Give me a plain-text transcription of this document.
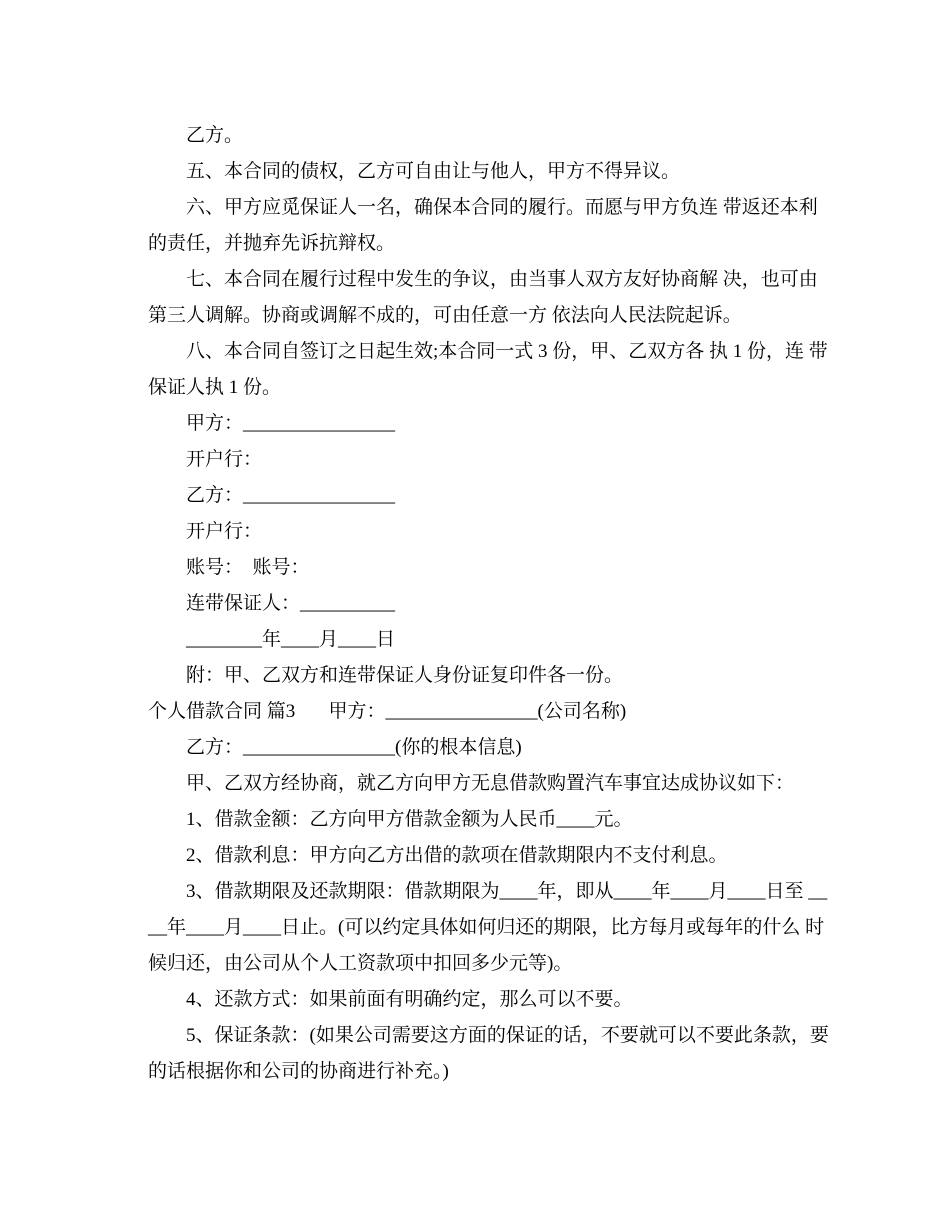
乙方。

五、本合同的债权，乙方可自由让与他人，甲方不得异议。

六、甲方应觅保证人一名，确保本合同的履行。而愿与甲方负连 带返还本利 的责任，并抛弃先诉抗辩权。

七、本合同在履行过程中发生的争议，由当事人双方友好协商解 决，也可由 第三人调解。协商或调解不成的，可由任意一方 依法向人民法院起诉。

八、本合同自签订之日起生效;本合同一式 3 份，甲、乙双方各 执 1 份，连 带保证人执 1 份。

甲方：________________

开户行：

乙方：________________

开户行：

账号：  账号：

连带保证人：__________

________年____月____日

附：甲、乙双方和连带保证人身份证复印件各一份。

个人借款合同 篇3       甲方：________________(公司名称)

乙方：________________(你的根本信息)

甲、乙双方经协商，就乙方向甲方无息借款购置汽车事宜达成协议如下：

1、借款金额：乙方向甲方借款金额为人民币____元。

2、借款利息：甲方向乙方出借的款项在借款期限内不支付利息。

3、借款期限及还款期限：借款期限为____年，即从____年____月____日至 ____年____月____日止。(可以约定具体如何归还的期限，比方每月或每年的什么 时候归还，由公司从个人工资款项中扣回多少元等)。

4、还款方式：如果前面有明确约定，那么可以不要。

5、保证条款：(如果公司需要这方面的保证的话，不要就可以不要此条款，要的话根据你和公司的协商进行补充。)
